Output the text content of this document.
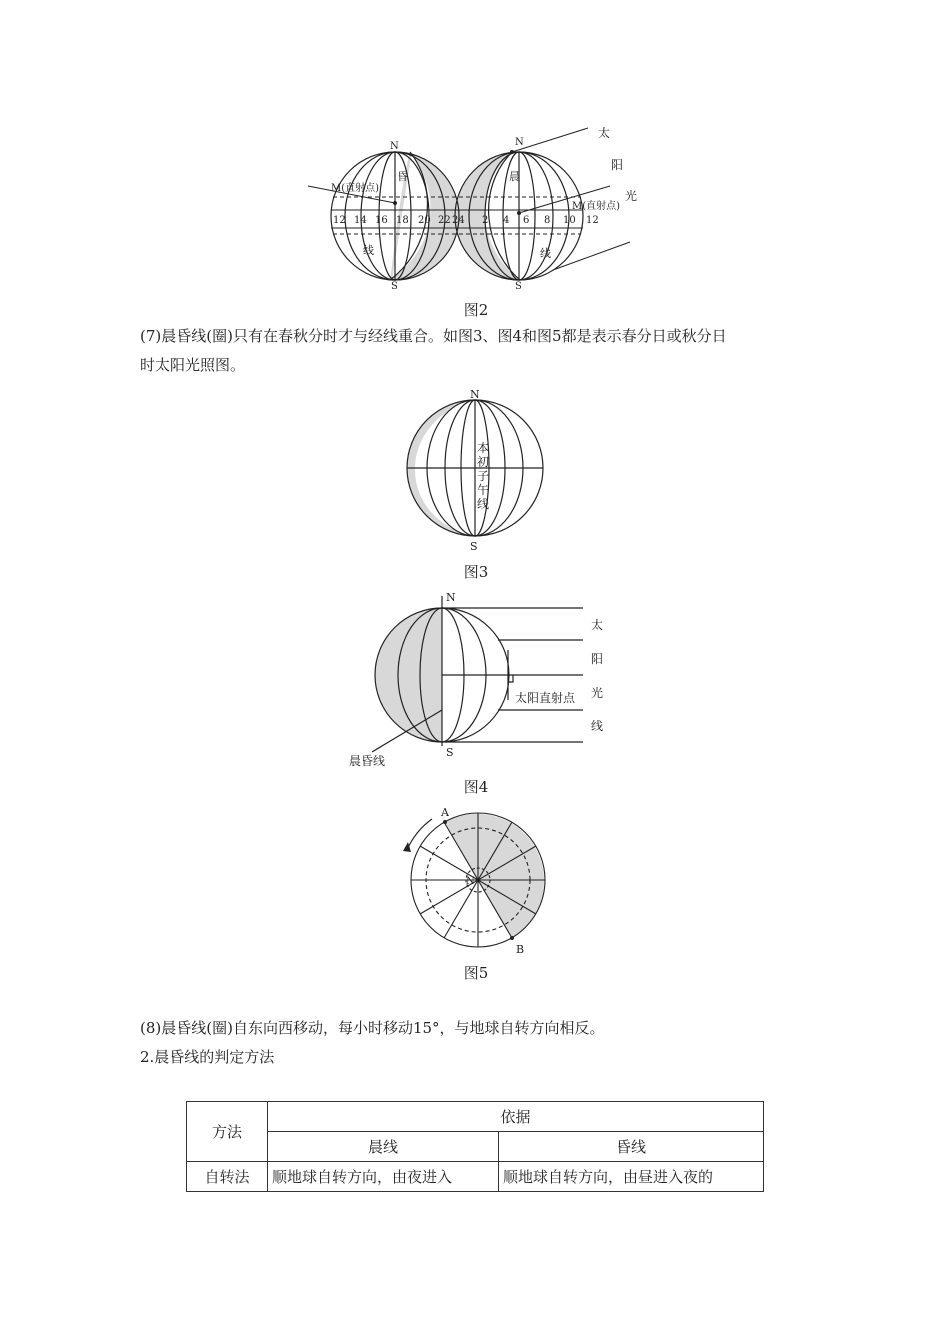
N	N
S	S
M(直射点)
M(直射点)
昏	晨
线	线
太
阳
光
12 14 16 18 20 22 24 2 4 6 8 10 12
图2
(7)晨昏线(圈)只有在春秋分时才与经线重合。如图3、图4和图5都是表示春分日或秋分日
时太阳光照图。
N
S
本
初
子
午
线
图3
N
S
太阳直射点
晨昏线
太
阳
光
线
图4
A
B
N
图5
(8)晨昏线(圈)自东向西移动，每小时移动15°，与地球自转方向相反。
2.晨昏线的判定方法
方法	依据	
	晨线	昏线
自转法	顺地球自转方向，由夜进入	顺地球自转方向，由昼进入夜的
